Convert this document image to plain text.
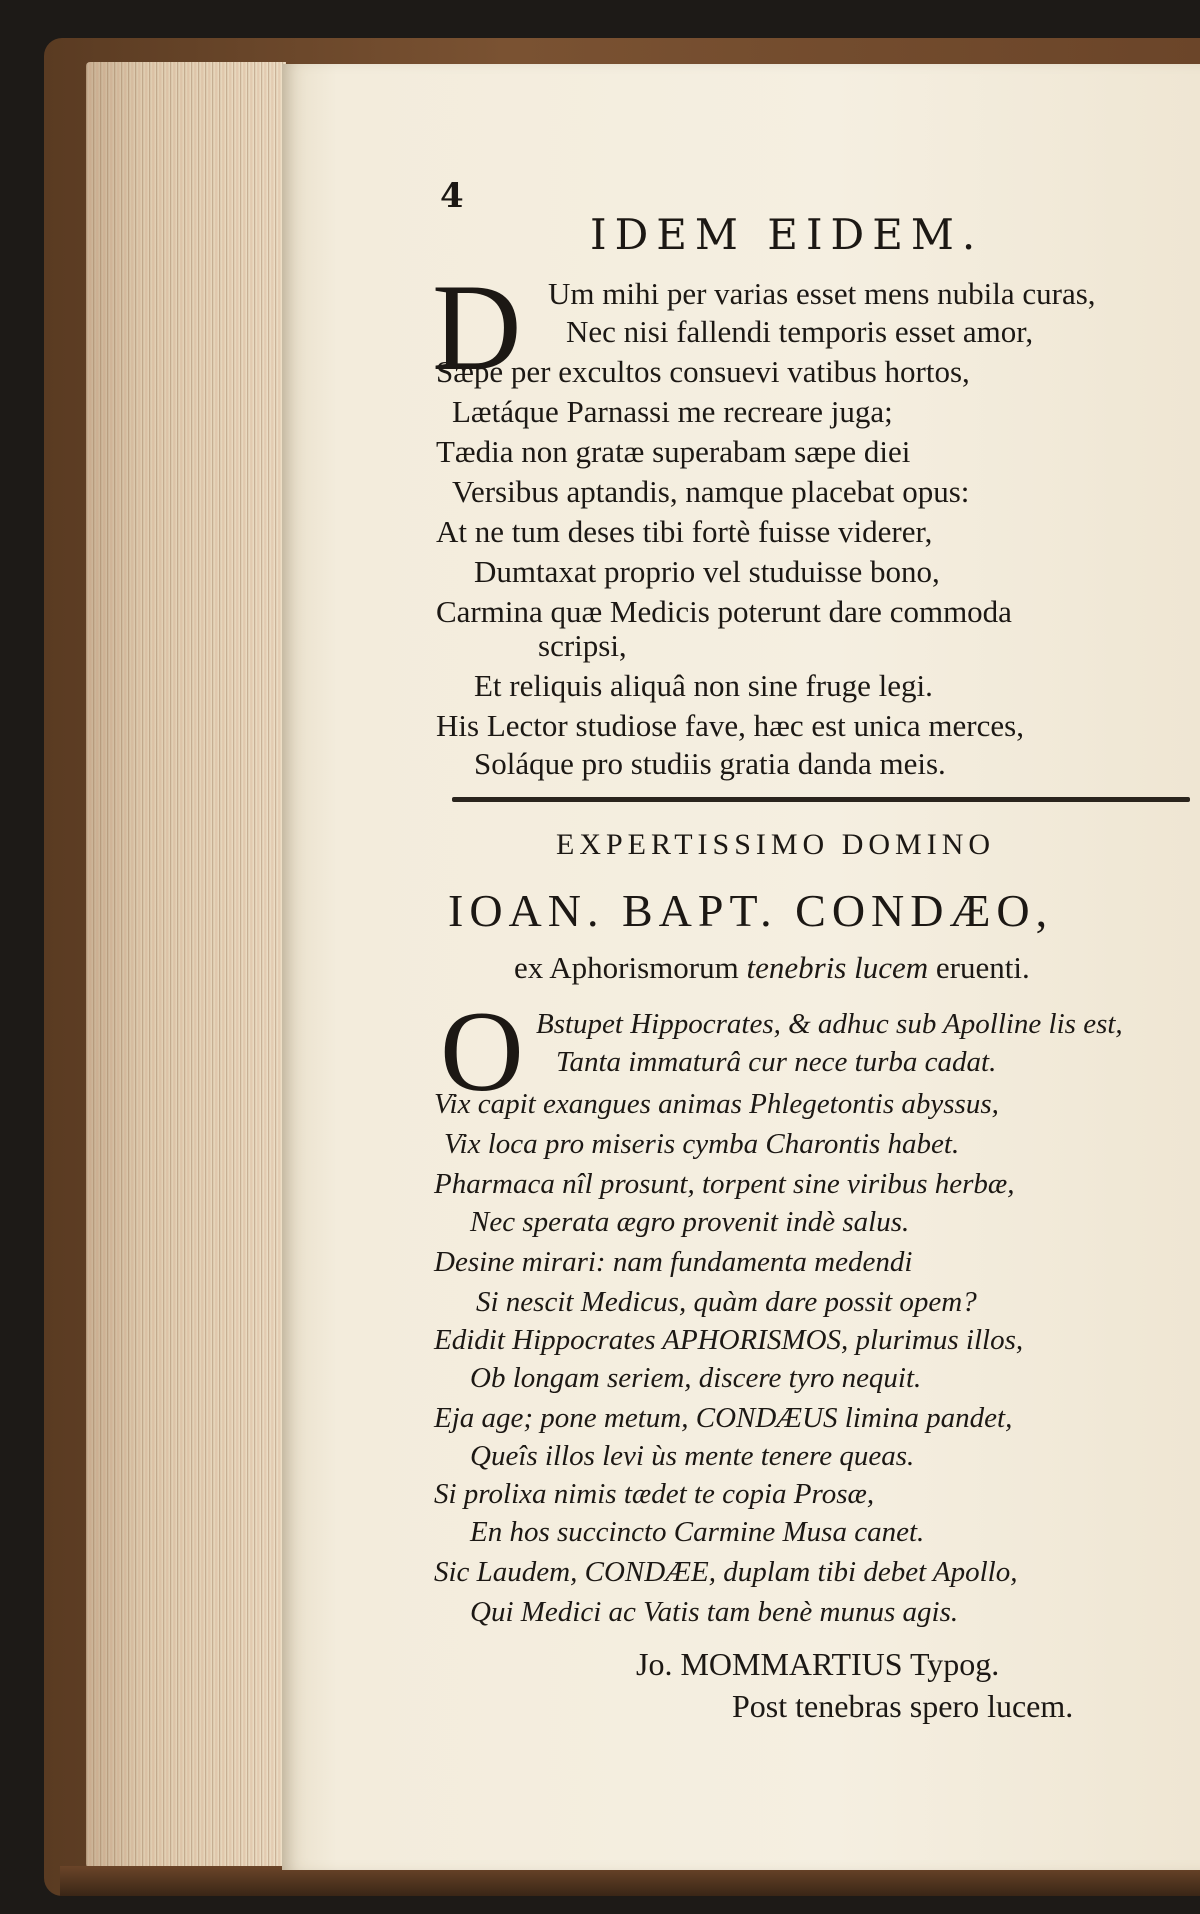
4
IDEM EIDEM.
D Um mihi per varias esset mens nubila curas,
Nec nisi fallendi temporis esset amor,
Sæpe per excultos consuevi vatibus hortos,
Lætáque Parnassi me recreare juga;
Tædia non gratæ superabam sæpe diei
Versibus aptandis, namque placebat opus:
At ne tum deses tibi fortè fuisse viderer,
Dumtaxat proprio vel studuisse bono,
Carmina quæ Medicis poterunt dare commoda
scripsi,
Et reliquis aliquâ non sine fruge legi.
His Lector studiose fave, hæc est unica merces,
Soláque pro studiis gratia danda meis.
EXPERTISSIMO DOMINO
IOAN. BAPT. CONDÆO,
ex Aphorismorum tenebris lucem eruenti.
O Bstupet Hippocrates, & adhuc sub Apolline lis est,
Tanta immaturâ cur nece turba cadat.
Vix capit exangues animas Phlegetontis abyssus,
Vix loca pro miseris cymba Charontis habet.
Pharmaca nîl prosunt, torpent sine viribus herbæ,
Nec sperata ægro provenit indè salus.
Desine mirari: nam fundamenta medendi
Si nescit Medicus, quàm dare possit opem?
Edidit Hippocrates APHORISMOS, plurimus illos,
Ob longam seriem, discere tyro nequit.
Eja age; pone metum, CONDÆUS limina pandet,
Queîs illos levi ùs mente tenere queas.
Si prolixa nimis tædet te copia Prosæ,
En hos succincto Carmine Musa canet.
Sic Laudem, CONDÆE, duplam tibi debet Apollo,
Qui Medici ac Vatis tam benè munus agis.
Jo. MOMMARTIUS Typog.
Post tenebras spero lucem.
